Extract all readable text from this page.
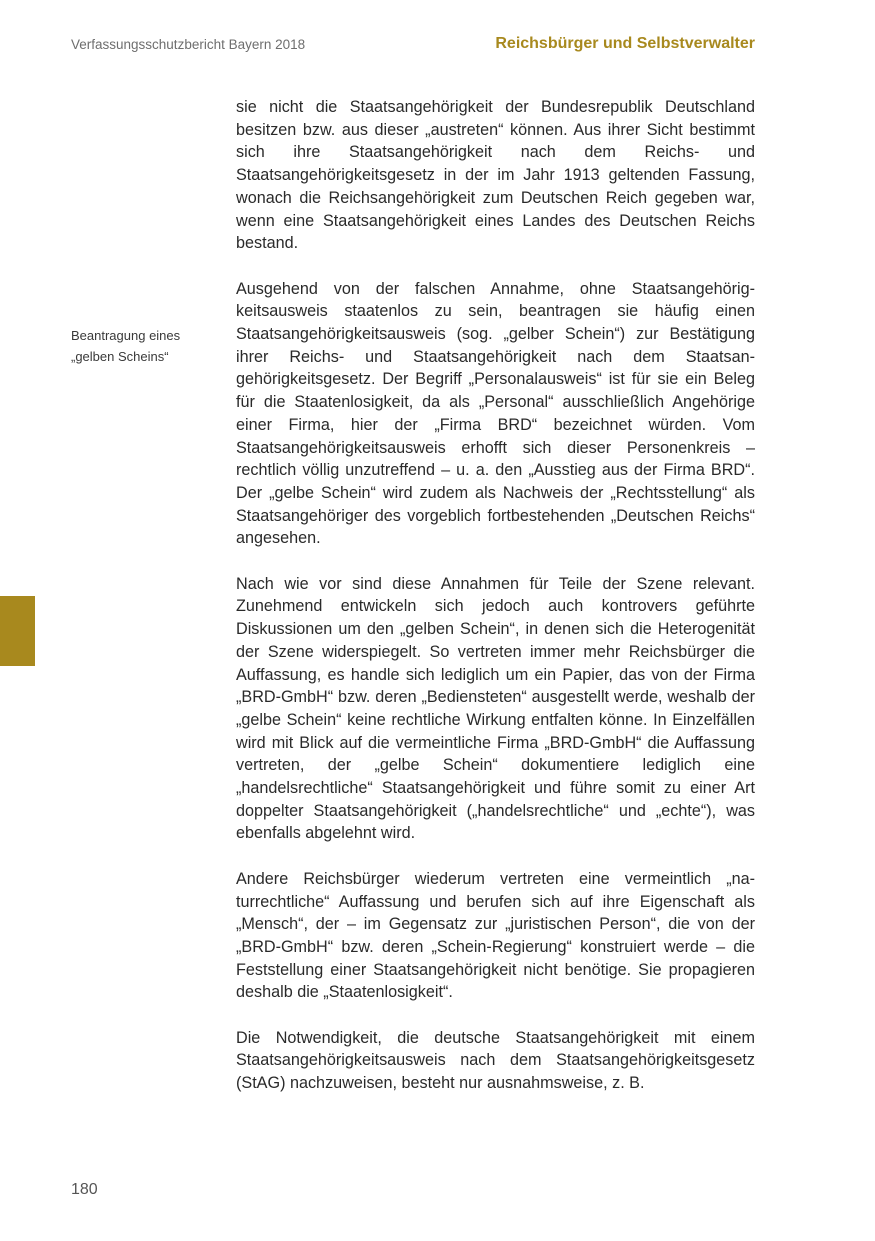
Verfassungsschutzbericht Bayern 2018	Reichsbürger und Selbstverwalter
Beantragung eines
„gelben Scheins“

sie nicht die Staatsangehörigkeit der Bundesrepublik Deutschland besitzen bzw. aus dieser „austreten“ können. Aus ihrer Sicht bestimmt sich ihre Staatsangehörigkeit nach dem Reichs- und Staatsangehörigkeitsgesetz in der im Jahr 1913 geltenden Fassung, wonach die Reichsangehörigkeit zum Deutschen Reich gegeben war, wenn eine Staatsangehörigkeit eines Landes des Deutschen Reichs bestand.

Ausgehend von der falschen Annahme, ohne Staatsangehörigkeitsausweis staatenlos zu sein, beantragen sie häufig einen Staatsangehörigkeitsausweis (sog. „gelber Schein“) zur Bestätigung ihrer Reichs- und Staatsangehörigkeit nach dem Staatsangehörigkeitsgesetz. Der Begriff „Personalausweis“ ist für sie ein Beleg für die Staatenlosigkeit, da als „Personal“ ausschließlich Angehörige einer Firma, hier der „Firma BRD“ bezeichnet würden. Vom Staatsangehörigkeitsausweis erhofft sich dieser Personenkreis – rechtlich völlig unzutreffend – u. a. den „Ausstieg aus der Firma BRD“. Der „gelbe Schein“ wird zudem als Nachweis der „Rechtsstellung“ als Staatsangehöriger des vorgeblich fortbestehenden „Deutschen Reichs“ angesehen.

Nach wie vor sind diese Annahmen für Teile der Szene relevant. Zunehmend entwickeln sich jedoch auch kontrovers geführte Diskussionen um den „gelben Schein“, in denen sich die Heterogenität der Szene widerspiegelt. So vertreten immer mehr Reichsbürger die Auffassung, es handle sich lediglich um ein Papier, das von der Firma „BRD-GmbH“ bzw. deren „Bediensteten“ ausgestellt werde, weshalb der „gelbe Schein“ keine rechtliche Wirkung entfalten könne. In Einzelfällen wird mit Blick auf die vermeintliche Firma „BRD-GmbH“ die Auffassung vertreten, der „gelbe Schein“ dokumentiere lediglich eine „handelsrechtliche“ Staatsangehörigkeit und führe somit zu einer Art doppelter Staatsangehörigkeit („handelsrechtliche“ und „echte“), was ebenfalls abgelehnt wird.

Andere Reichsbürger wiederum vertreten eine vermeintlich „naturrechtliche“ Auffassung und berufen sich auf ihre Eigenschaft als „Mensch“, der – im Gegensatz zur „juristischen Person“, die von der „BRD-GmbH“ bzw. deren „Schein-Regierung“ konstruiert werde – die Feststellung einer Staatsangehörigkeit nicht benötige. Sie propagieren deshalb die „Staatenlosigkeit“.

Die Notwendigkeit, die deutsche Staatsangehörigkeit mit einem Staatsangehörigkeitsausweis nach dem Staatsangehörigkeitsgesetz (StAG) nachzuweisen, besteht nur ausnahmsweise, z. B.

180
